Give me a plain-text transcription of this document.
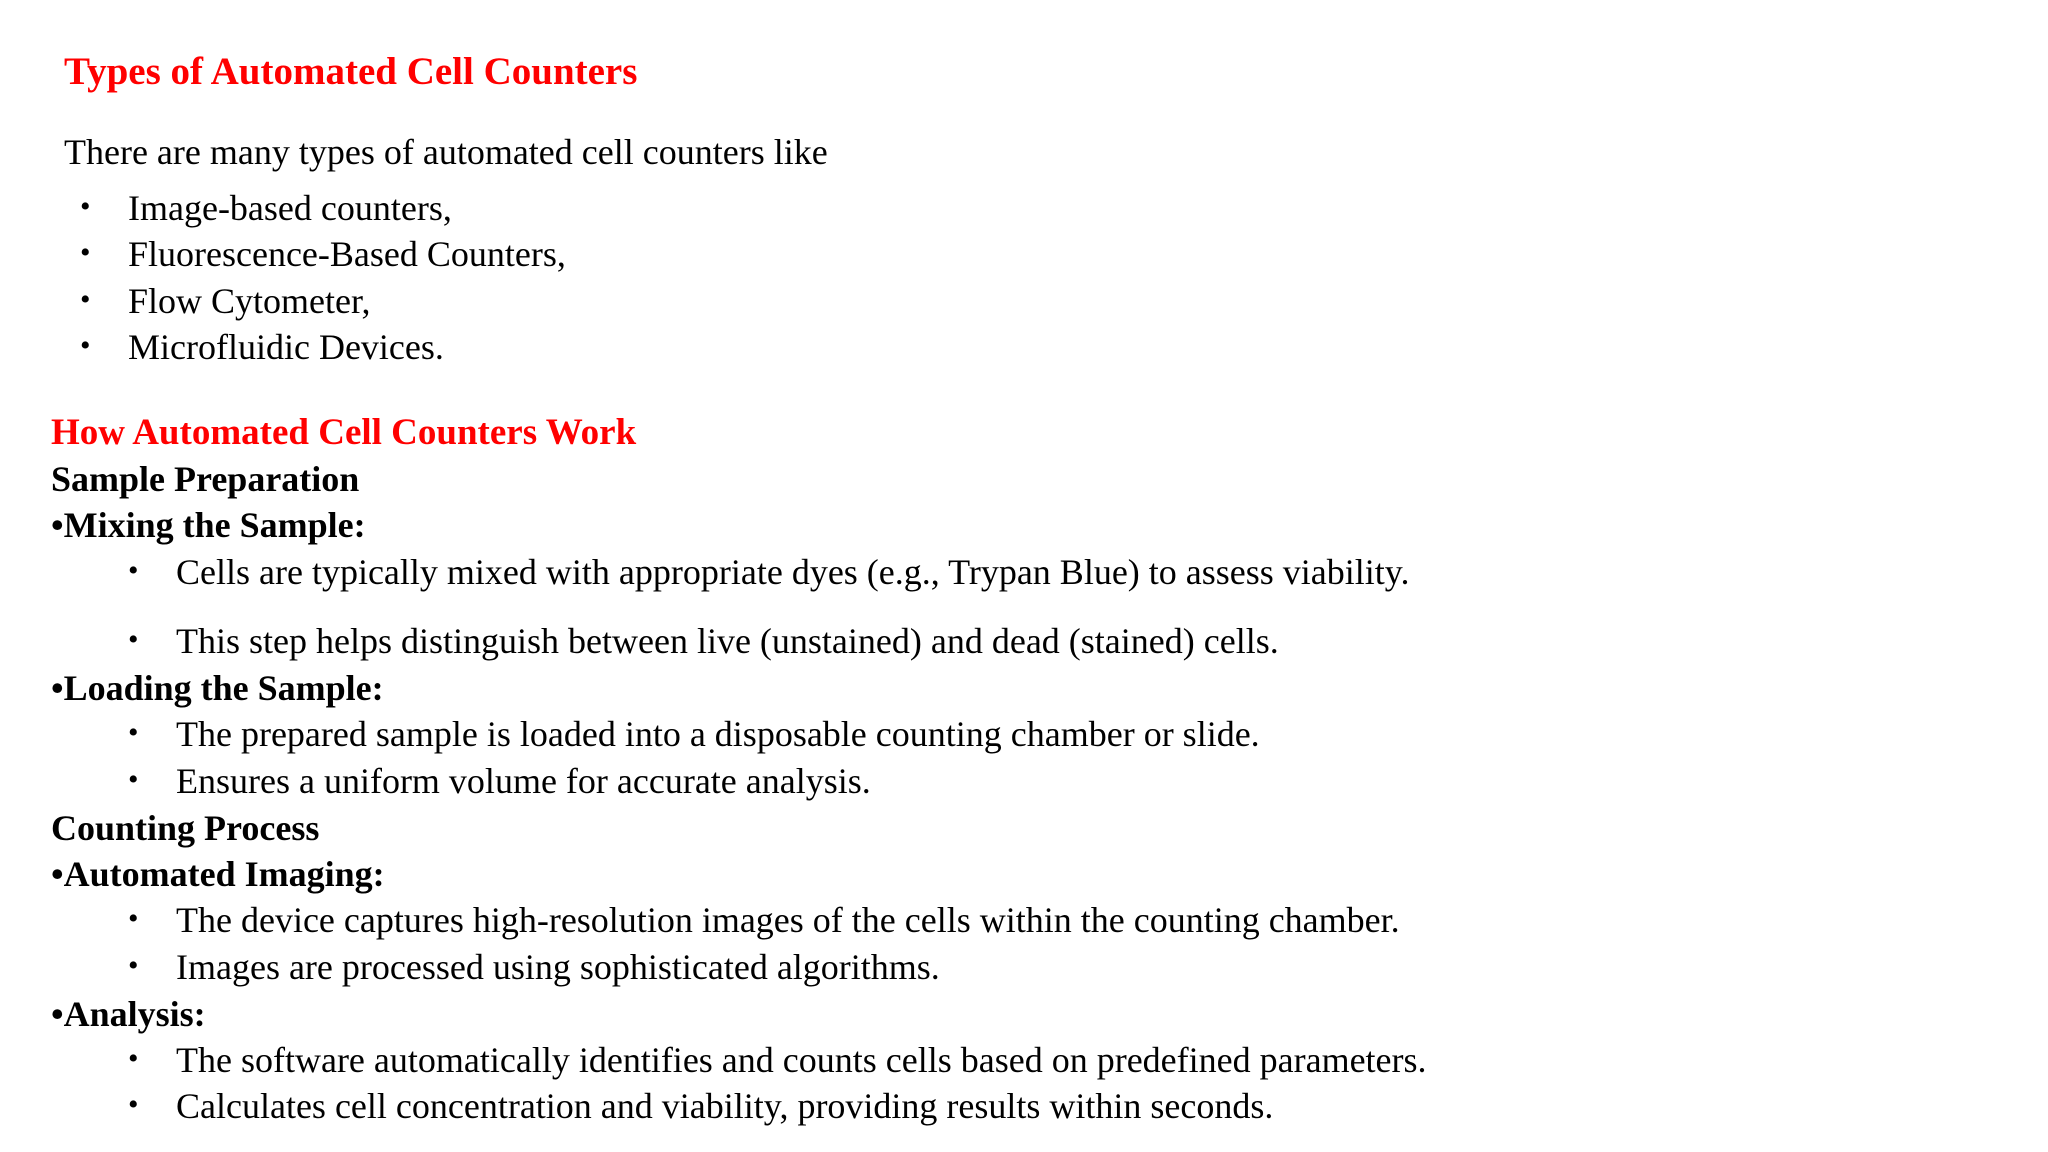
Types of Automated Cell Counters
There are many types of automated cell counters like
• Image-based counters,
• Fluorescence-Based Counters,
• Flow Cytometer,
• Microfluidic Devices.
How Automated Cell Counters Work
Sample Preparation
•Mixing the Sample:
• Cells are typically mixed with appropriate dyes (e.g., Trypan Blue) to assess viability.
• This step helps distinguish between live (unstained) and dead (stained) cells.
•Loading the Sample:
• The prepared sample is loaded into a disposable counting chamber or slide.
• Ensures a uniform volume for accurate analysis.
Counting Process
•Automated Imaging:
• The device captures high-resolution images of the cells within the counting chamber.
• Images are processed using sophisticated algorithms.
•Analysis:
• The software automatically identifies and counts cells based on predefined parameters.
• Calculates cell concentration and viability, providing results within seconds.
